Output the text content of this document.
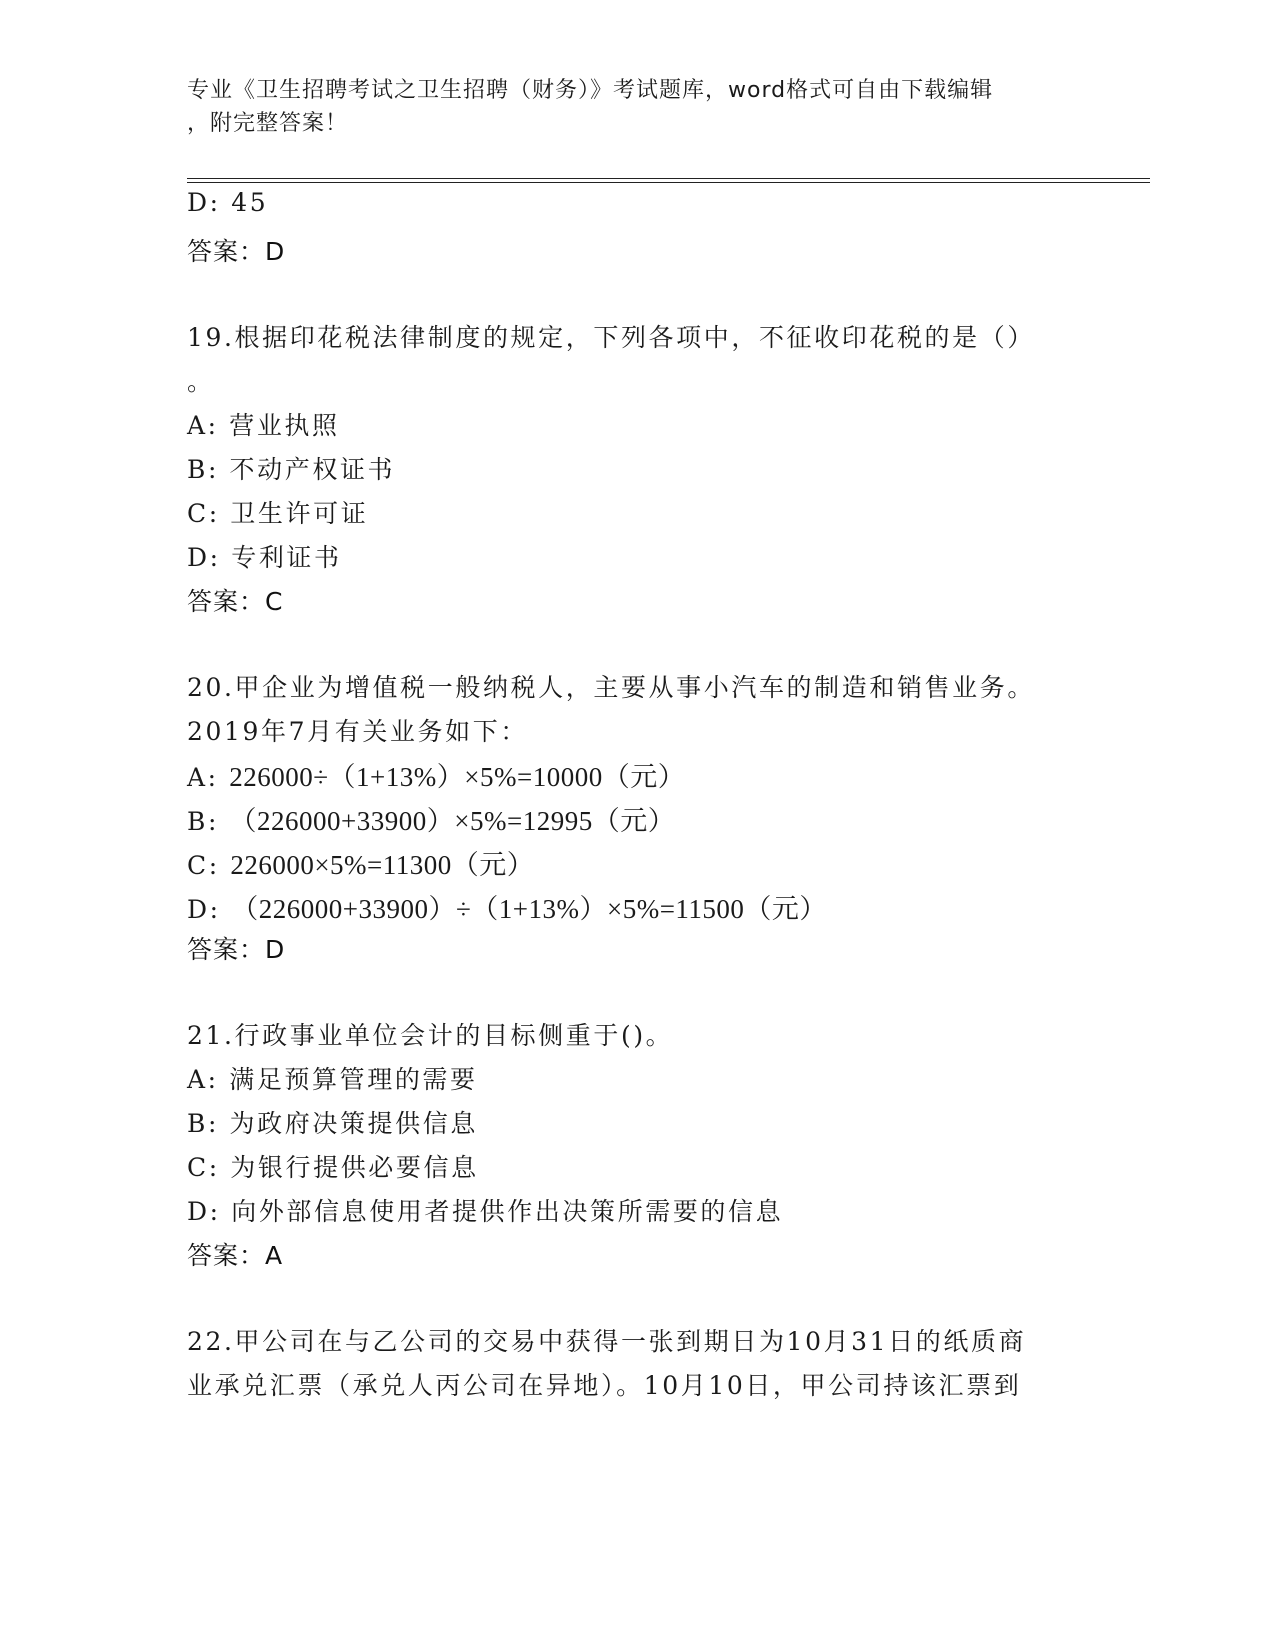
专业《卫生招聘考试之卫生招聘（财务）》考试题库，word格式可自由下载编辑
，附完整答案！
D: 45
答案：D
19.根据印花税法律制度的规定，下列各项中，不征收印花税的是（）
。
A: 营业执照
B: 不动产权证书
C: 卫生许可证
D: 专利证书
答案：C
20.甲企业为增值税一般纳税人，主要从事小汽车的制造和销售业务。
2019年7月有关业务如下：
A: 226000÷（1+13%）×5%=10000（元）
B: （226000+33900）×5%=12995（元）
C: 226000×5%=11300（元）
D: （226000+33900）÷（1+13%）×5%=11500（元）
答案：D
21.行政事业单位会计的目标侧重于()。
A: 满足预算管理的需要
B: 为政府决策提供信息
C: 为银行提供必要信息
D: 向外部信息使用者提供作出决策所需要的信息
答案：A
22.甲公司在与乙公司的交易中获得一张到期日为10月31日的纸质商
业承兑汇票（承兑人丙公司在异地）。10月10日，甲公司持该汇票到
